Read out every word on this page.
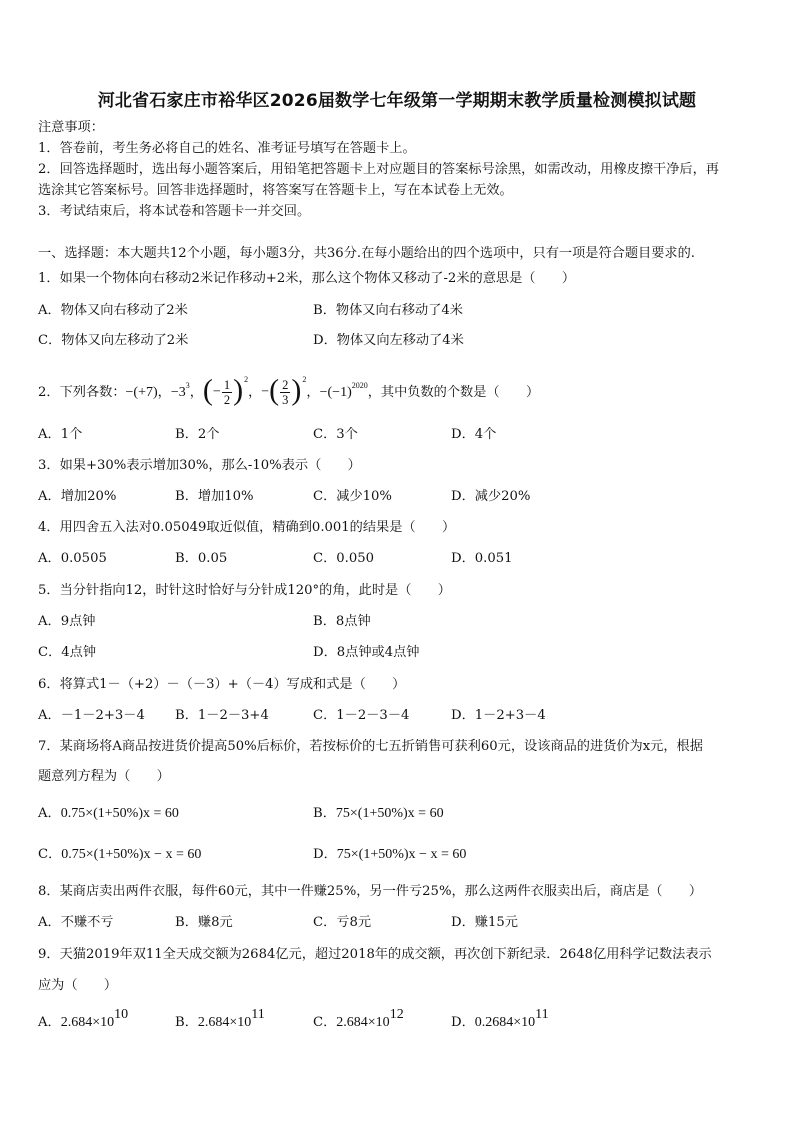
河北省石家庄市裕华区2026届数学七年级第一学期期末教学质量检测模拟试题
注意事项：
1．答卷前，考生务必将自己的姓名、准考证号填写在答题卡上。
2．回答选择题时，选出每小题答案后，用铅笔把答题卡上对应题目的答案标号涂黑，如需改动，用橡皮擦干净后，再
选涂其它答案标号。回答非选择题时，将答案写在答题卡上，写在本试卷上无效。
3．考试结束后，将本试卷和答题卡一并交回。
一、选择题：本大题共12个小题，每小题3分，共36分.在每小题给出的四个选项中，只有一项是符合题目要求的.
1．如果一个物体向右移动2米记作移动+2米，那么这个物体又移动了-2米的意思是（　　）
A．物体又向右移动了2米	B．物体又向右移动了4米
C．物体又向左移动了2米	D．物体又向左移动了4米
2．下列各数：−(+7)，$-3^3$，(− $\frac{1}{2} )^2$，−( $\frac{2}{3} )^2$，$-(-1)^{2020}$，其中负数的个数是（　　）
A．1个	B．2个	C．3个	D．4个
3．如果+30%表示增加30%，那么-10%表示（　　）
A．增加20%	B．增加10%	C．减少10%	D．减少20%
4．用四舍五入法对0.05049取近似值，精确到0.001的结果是（　　）
A．0.0505	B．0.05	C．0.050	D．0.051
5．当分针指向12，时针这时恰好与分针成120°的角，此时是（　　）
A．9点钟	B．8点钟
C．4点钟	D．8点钟或4点钟
6．将算式1－（+2）－（－3）+（－4）写成和式是（　　）
A．－1－2+3－4 B．1－2－3+4	C．1－2－3－4	D．1－2+3－4
7．某商场将A商品按进货价提高50%后标价，若按标价的七五折销售可获利60元，设该商品的进货价为x元，根据
题意列方程为（　　）
A．0.75×(1+50%)x = 60	B．75×(1+50%)x = 60
C．0.75×(1+50%)x − x = 60	D．75×(1+50%)x − x = 60
8．某商店卖出两件衣服，每件60元，其中一件赚25%，另一件亏25%，那么这两件衣服卖出后，商店是（　　）
A．不赚不亏	B．赚8元	C．亏8元	D．赚15元
9．天猫2019年双11全天成交额为2684亿元，超过2018年的成交额，再次创下新纪录．2648亿用科学记数法表示
应为（　　）
A．$2.684\times 10^{10}$
B．$2.684\times 10^{11}$
C．$2.684\times 10^{12}$
D．$0.2684\times 10^{11}$
